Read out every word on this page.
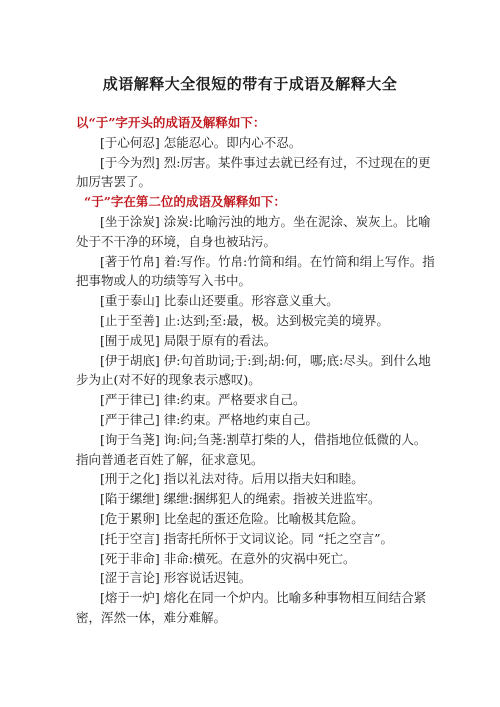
成语解释大全很短的带有于成语及解释大全

以“于”字开头的成语及解释如下：

[于心何忍] 怎能忍心。即内心不忍。

[于今为烈] 烈:厉害。某件事过去就已经有过，不过现在的更加厉害罢了。

“于”字在第二位的成语及解释如下：

[坐于涂炭] 涂炭:比喻污浊的地方。坐在泥涂、炭灰上。比喻处于不干净的环境，自身也被玷污。

[著于竹帛] 着:写作。竹帛:竹简和绢。在竹简和绢上写作。指把事物或人的功绩等写入书中。

[重于泰山] 比泰山还要重。形容意义重大。

[止于至善] 止:达到;至:最，极。达到极完美的境界。

[囿于成见] 局限于原有的看法。

[伊于胡底] 伊:句首助词;于:到;胡:何，哪;底:尽头。到什么地步为止(对不好的现象表示感叹)。

[严于律已] 律:约束。严格要求自己。

[严于律己] 律:约束。严格地约束自己。

[询于刍荛] 询:问;刍荛:割草打柴的人，借指地位低微的人。指向普通老百姓了解，征求意见。

[刑于之化] 指以礼法对待。后用以指夫妇和睦。

[陷于缧绁] 缧绁:捆绑犯人的绳索。指被关进监牢。

[危于累卵] 比垒起的蛋还危险。比喻极其危险。

[托于空言] 指寄托所怀于文词议论。同 “托之空言”。

[死于非命] 非命:横死。在意外的灾祸中死亡。

[涩于言论] 形容说话迟钝。

[熔于一炉] 熔化在同一个炉内。比喻多种事物相互间结合紧密，浑然一体，难分难解。
